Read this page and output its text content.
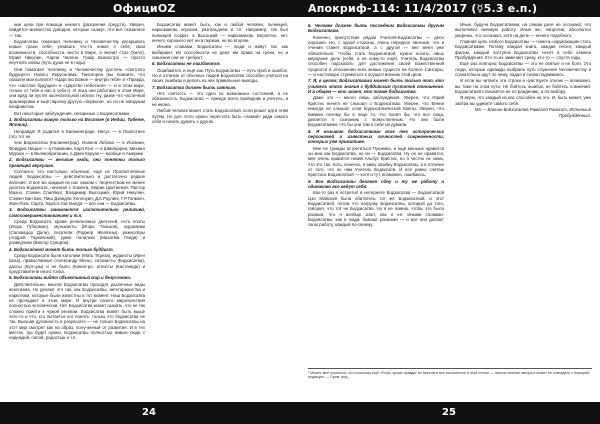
ОфициOZ

ние цели при помощи некоего (разорения средств). Уверен, найдётся множество доводов, которые скажут, что всё сказанное — так.

Бодхисатвы помогают Человеку и Человечеству раскрывать новые грани себя, узнавать что-то новое о себе, свои возможности, способности, вести в Мире, а значит стро (Хилл), Юрий Никулин, Чарли Чаплин, Граф Калиостро — просто неучтите скипы (путь души не в годы).

Они помогают Человеку и Человечеству достичь «светлого будущего» Нового Иерусалима, Тинелорна (вы помните, что сказали мои коллеги? «Царство Божие — внутри тебя» и «Правда, что «светлое будущее» и «Царство Небесное» — и в этом мире, только от тебя и нас в себе»). И пока они работают в этом Мире, они вряд ли пустят окончательной гибели. Ну, разве что частичной аранжировки и ещё парочку-другую «переков», но но не звездным конфликтом.

Вот некоторые заблуждения, связанные с Бодхисатвами.

1. Бодхисатвы живут только на Востоке (в Индии, Тибете, Японии).

Неправда! Я родился в Калининграде. Иисус — в Палестине (это тот не

чем Бодхисатвы (Калининград). Иоанна Лобова — в Испании, Фридрих Ницше — в Германии, Карл Юнг — в Швейцарии, Михаил Мурзин — в Великобритании, а Джек Керуак — вообще в Америке.

2. Бодхисатвы — великие люди, они понятны только правящей верхушке.

Согласен, это настолько обычные, ещё не Просветлённые людей. Бодхисатвы — действительно и достаточно редкое явление. И всё же каждый из нас знаком с творчеством не менее десятка Бодхисатв, начиная с Хокинга, Марии Цветаевой, Пастор Махно, Стивен Спилберг, Владимир Высоцкий, Юрий Никулин, Стивен Ван Бек, Пиш Дэвидли Хеллоуин, Д.К.Роулинг, Г.Р.Толкиен, Жан-Поль Сартр, Карлос Кастанеда — все они — Бодхисатвы.

3. Бодхисатвы занимаются исключительно религией, самосовершенствованием и т.п.

Среди Бодхисатв, кроме религиозных деятелей, есть поэты (Игорь Губерман), музыканты (Игорь Тальков), художники (Сальвадор Дали), писатели (Роджер Желязны), режиссёры (Андрей Тарковский), даже политики (Махатма Ганди) и разведчики (Виктор Суворов).

4. Бодхисатвой может быть только буддист.

Среди Бодхисатв были католики (Мать Тереза), иудаисты (Ирен Шош), православные (Александр Мень), сатанисты (Бодхисатва), даосы (Кун-цзы) и не было (Канил-ро, атеисты (Кастанеда) и представители иного толка.

5. Бодхисатвы видят объективный мир и безусловно.

Действительно, многие Бодхисатвы проходят различные виды аскетизма. Но делают это так, как Бодхисатвы, вегетарианства и наркотики, которые были известны в тот момент. Наш Бодхисатва не пропадает в этом мире. И внутри своего мирочувствия полностью человечески. Нет, Бодхисатва может сказать, что не так сложно прийти к чужой религии. Бодхисатва может быть выше чего-то и что, кто пытается его понять: только что бодхисатва не так. Высшая духовность в результате — не только Бодхисатвы на этот мир смотрят как на образ, полученный от развития. И в тех местах, где будет нужно, Бодхисатвы полностью живые люди с надеждой, силой, радостью и т.п.

Бодхисатва может быть, как и любой человек, пьяницей, наркоманом, игроком, разгильдяем и т.п. Например, так был пьяницей Сократ, а Высоцкий — наркоманом. Вероятно, нет, ничего хорошего нет ни в первом, ни во втором.

Иными словами, Бодхисатвы — люди и живут так, как выбирают. Их способности не дают им права на грехи, но и лишения они не требуют.

6. Бодхисатвы не ошибаются.

Ошибаются, и ещё как. Путь Бодхисатвы — путь проб и ошибок. Но в отличие от обычных людей Бодхисатва способен учиться на своих ошибках и делать из них правильные выводы.

7. Бодхисатва должен быть святым.

Нет, святость — это одно из возможных состояний, а не обязанность. Бодхисатва — прежде всего проводник и учитель, а не икона.

Любой человек может стать Бодхисатвой, если решит идти этим путём. Но для этого нужно перестать быть «ламой» ради самого себя и начать думать о других.

24
Апокриф-114: 11/4/2017 (☿5.3 е.п.)

6. Человек должен быть последним Бодхисатвы другим Бодхисатвам.

Конечно, присутствие рядом Учителя-Бодхисатвы — дело хорошее. Но, с одной стороны, очень нередкое явление, что и Учения станет Бодхисатвой, а с другой — вне меня уже обязательно. Чтобы стать Бодхисатвой, нужно носить лишь мерцание дель (себя, а не кому-то ещё). Учитель Бодхисатвы способен подсказать для достижения своей Божественной сущности в отношении всех живых существ на Колесе Сансары, — и настоящее стремиться к осуществлению этой цели.

7. Я, в целом, Бодхисатвами может быть только тот, кто учитель этого знания с буддийским пустотой отношения. И в общем — кто знает, кто также бодхисатва.

Даже это — много лишь заблуждения. Уверен, что Юрий Кристис ничего не слышал о Бодхисатвах. Уверен, что Бенни никогда не слышал слов бодхисатвической Каппы. Уверен, что Бавмен почему бы в лице то, что понял бы, что все лица, делается к сознанию с Божественным. Но они были Бодхисатвами, что бы они там о себе ни думали.

8. Я называю бодхисатвами всех тех исторических персонажей и известных личностей современности, которых уже примитиве.

Мне не трижды встретиться Пушкина, и ещё меньше нравится он мне как Бодхисатва, но он — Бодхисатва. Ну он не нравится, мне очень нравится некий Альбус Кристис, но я честно не знаю, что это так. Хоть, конечно, я вижу ошибку Бодхисатвы, а в отличие от того, что он нам Учитель Бодхисатв. И всё равно считаю Кристиса Бодхисатвой — хотя и тут, возможно, ошибаюсь.

9. Все Бодхисатвы делают одну и ту же работу и одинаково все ведут себя.

Как-то раз я встретил в интернете Бодхисатва — Бодхисатвой Цзи Майской была обитатель тот же Бодхисатвой, и этот Бодхисатвой, потом что нагрузку Бодхисатвы, который до того, говорил, что тот не Бодхисатва. Но я не помню, чтобы это было разным, что я вообще знал, как и её. Иными словами: Бодхисатвы, как и люди, бывают разными — и все они делают свою работу, каждый по-своему.

Иные, будучи Бодхисатвами, на самом деле не осознают, что выполняют великую работу. Иные же, напротив, абсолютно уверены, что осознают, хотя на деле — ничего подобного.

Главная цель любого Бодхисатвы — помочь окружающим стать Бодхисатвами. Потому каждая книга, каждая песня, каждый фильм, каждый поступок Бодхисатвы несёт в себе семена Пробуждения. Кто-то их замечает сразу, кто-то — спустя годы.

Ещё раз повторю: Бодхисатвы — это не святые и не боги. Это люди, которые однажды выбрали путь служения Человечеству и сознательно идут по нему, падая и снова поднимаясь.

И если вы читаете эти строки и чувствуете отклик — возможно, вы тоже на этом пути. Не бойтесь ошибок, не бойтесь сомнений. Бодхисатвой становятся не по рождению, а по выбору.

Я верю, что каждый из нас способен на это. И, быть может, уже завтра вы удивите самого себя.

Ма — Ванник-Бодхисатва Рамалло Рааксат, Истинный Пробуждённый.

¹ Может, мне помнится, что поскольку ещё «Ложь, кроме правды: во многом и все изложенное в этой статье — личное мнение автора и может не совпадать с позицией редакции. — Прим. ред.
25
